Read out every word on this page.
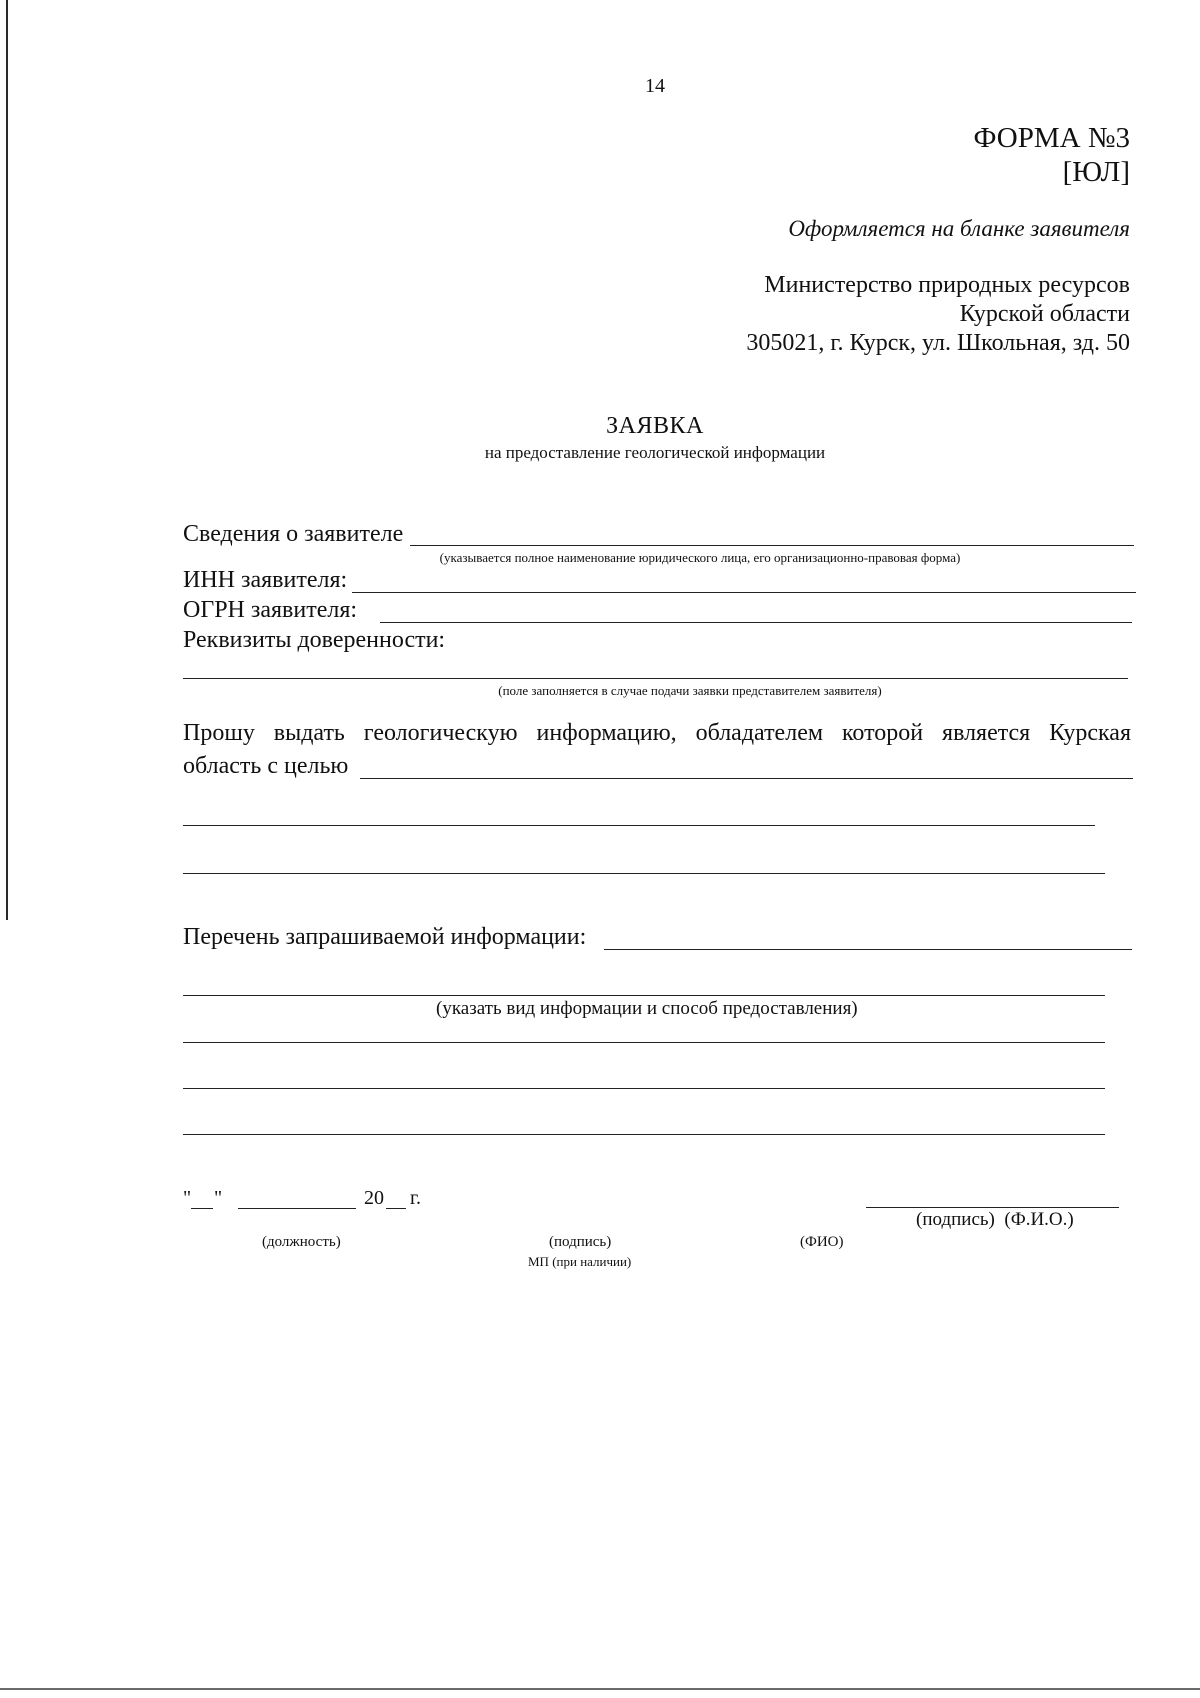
14
ФОРМА №3
[ЮЛ]
Оформляется на бланке заявителя
Министерство природных ресурсов
Курской области
305021, г. Курск, ул. Школьная, зд. 50
ЗАЯВКА
на предоставление геологической информации
Сведения о заявителе
(указывается полное наименование юридического лица, его организационно-правовая форма)
ИНН заявителя:
ОГРН заявителя:
Реквизиты доверенности:
(поле заполняется в случае подачи заявки представителем заявителя)
Прошу выдать геологическую информацию, обладателем которой является Курская
область с целью
Перечень запрашиваемой информации:
(указать вид информации и способ предоставления)
" "	20 г.
(подпись)  (Ф.И.О.)
(должность)	(подпись)	(ФИО)
МП (при наличии)
